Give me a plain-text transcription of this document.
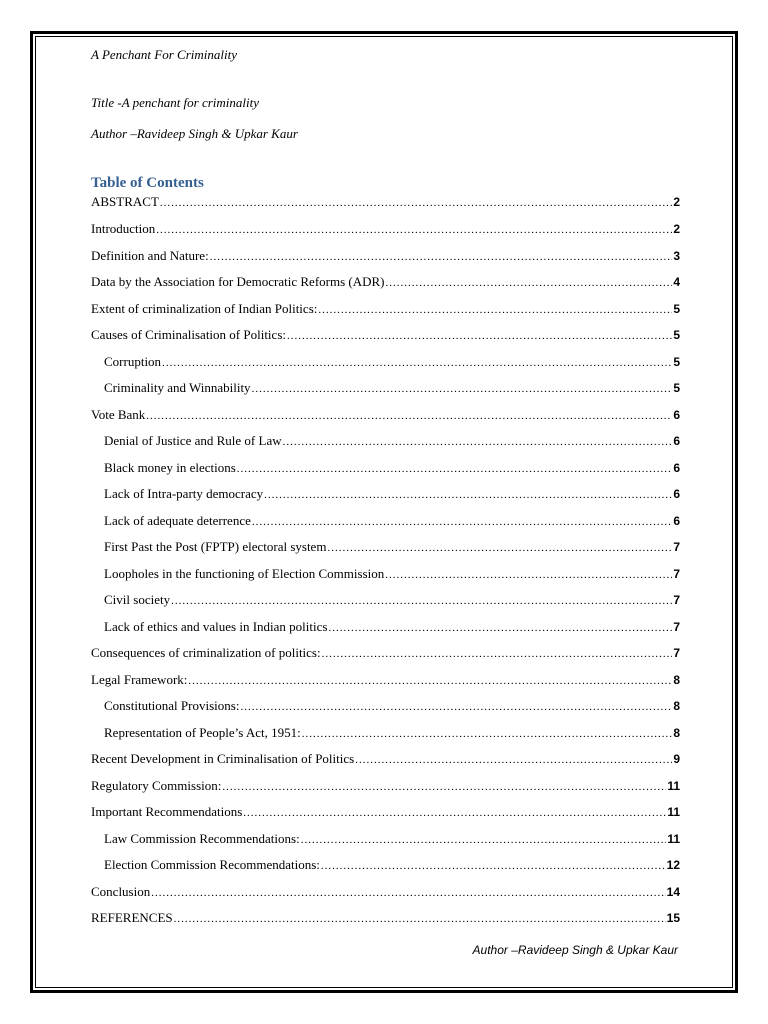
A Penchant For Criminality
Title -A penchant for criminality
Author –Ravideep Singh & Upkar Kaur
Table of Contents
ABSTRACT .....	2
Introduction .....	2
Definition and Nature: .....	3
Data by the Association for Democratic Reforms (ADR) .....	4
Extent of criminalization of Indian Politics: .....	5
Causes of Criminalisation of Politics: .....	5
Corruption .....	5
Criminality and Winnability .....	5
Vote Bank .....	6
Denial of Justice and Rule of Law .....	6
Black money in elections .....	6
Lack of Intra-party democracy .....	6
Lack of adequate deterrence .....	6
First Past the Post (FPTP) electoral system .....	7
Loopholes in the functioning of Election Commission .....	7
Civil society .....	7
Lack of ethics and values in Indian politics .....	7
Consequences of criminalization of politics: .....	7
Legal Framework: .....	8
Constitutional Provisions: .....	8
Representation of People’s Act, 1951: .....	8
Recent Development in Criminalisation of Politics .....	9
Regulatory Commission: .....	11
Important Recommendations .....	11
Law Commission Recommendations: .....	11
Election Commission Recommendations: .....	12
Conclusion .....	14
REFERENCES .....	15
Author –Ravideep Singh & Upkar Kaur
